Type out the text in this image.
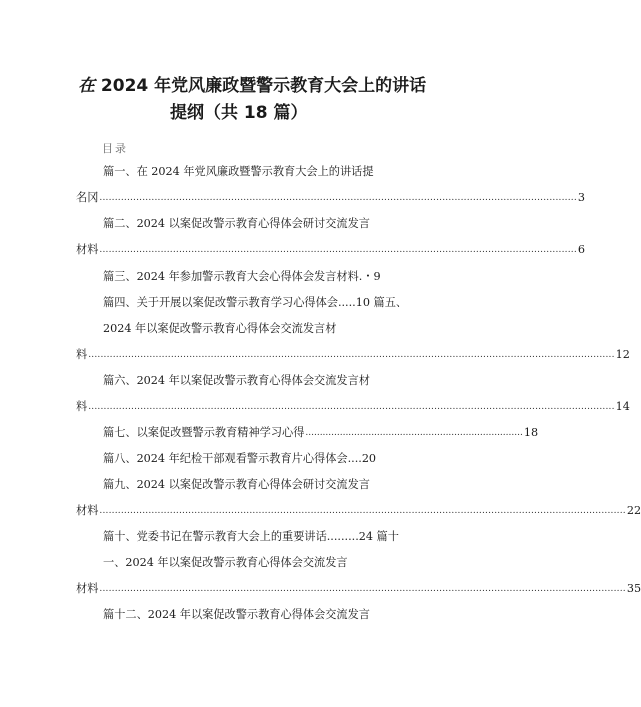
在 2024 年党风廉政暨警示教育大会上的讲话
提纲（共 18 篇）
目录
篇一、在 2024 年党风廉政暨警示教育大会上的讲话提
名冈 ............................................................................................................................................................ 3
篇二、2024 以案促改警示教育心得体会研讨交流发言
材料 ............................................................................................................................................................ 6
篇三、2024 年参加警示教育大会心得体会发言材料.・9
篇四、关于开展以案促改警示教育学习心得体会.....10 篇五、
2024 年以案促改警示教育心得体会交流发言材
料 ............................................................................................................................................................................ 12
篇六、2024 年以案促改警示教育心得体会交流发言材
料 ............................................................................................................................................................................ 14
篇七、以案促改暨警示教育精神学习心得 ............................................................................ 18
篇八、2024 年纪检干部观看警示教育片心得体会....20
篇九、2024 以案促改警示教育心得体会研讨交流发言
材料 ............................................................................................................................................................................ 22
篇十、党委书记在警示教育大会上的重要讲话.........24 篇十
一、2024 年以案促改警示教育心得体会交流发言
材料 ............................................................................................................................................................................ 35
篇十二、2024 年以案促改警示教育心得体会交流发言
